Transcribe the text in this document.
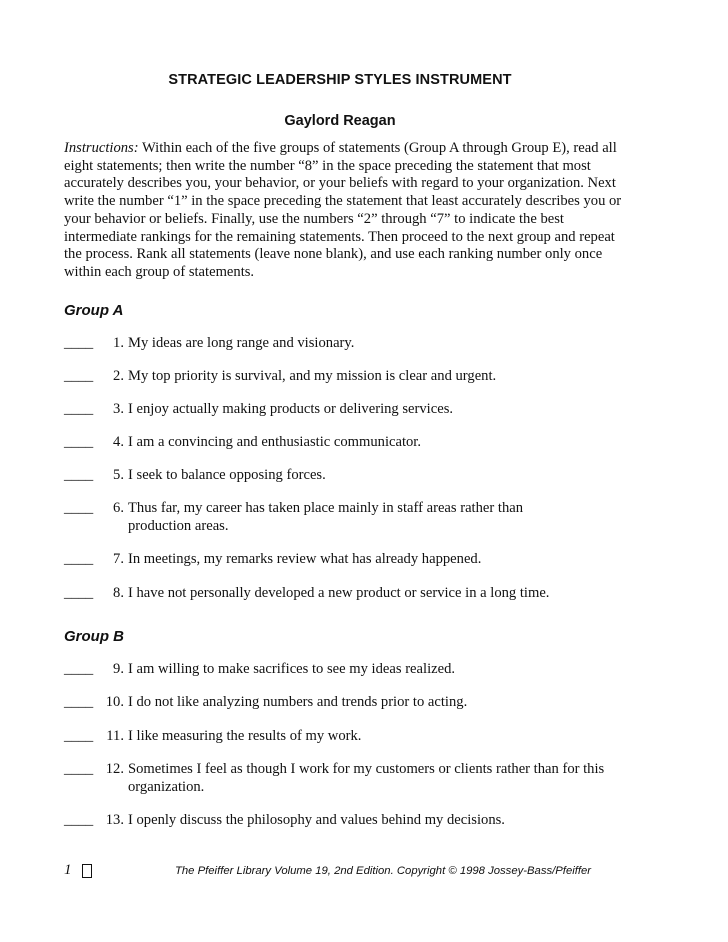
STRATEGIC LEADERSHIP STYLES INSTRUMENT
Gaylord Reagan
Instructions: Within each of the five groups of statements (Group A through Group E), read all eight statements; then write the number “8” in the space preceding the statement that most accurately describes you, your behavior, or your beliefs with regard to your organization. Next write the number “1” in the space preceding the statement that least accurately describes you or your behavior or beliefs. Finally, use the numbers “2” through “7” to indicate the best intermediate rankings for the remaining statements. Then proceed to the next group and repeat the process. Rank all statements (leave none blank), and use each ranking number only once within each group of statements.
Group A
____	1. My ideas are long range and visionary.
____	2. My top priority is survival, and my mission is clear and urgent.
____	3. I enjoy actually making products or delivering services.
____	4. I am a convincing and enthusiastic communicator.
____	5. I seek to balance opposing forces.
____	6. Thus far, my career has taken place mainly in staff areas rather than production areas.
____	7. In meetings, my remarks review what has already happened.
____	8. I have not personally developed a new product or service in a long time.
Group B
____	9. I am willing to make sacrifices to see my ideas realized.
____ 10. I do not like analyzing numbers and trends prior to acting.
____ 11. I like measuring the results of my work.
____ 12. Sometimes I feel as though I work for my customers or clients rather than for this organization.
____ 13. I openly discuss the philosophy and values behind my decisions.
1	The Pfeiffer Library Volume 19, 2nd Edition. Copyright © 1998 Jossey-Bass/Pfeiffer
